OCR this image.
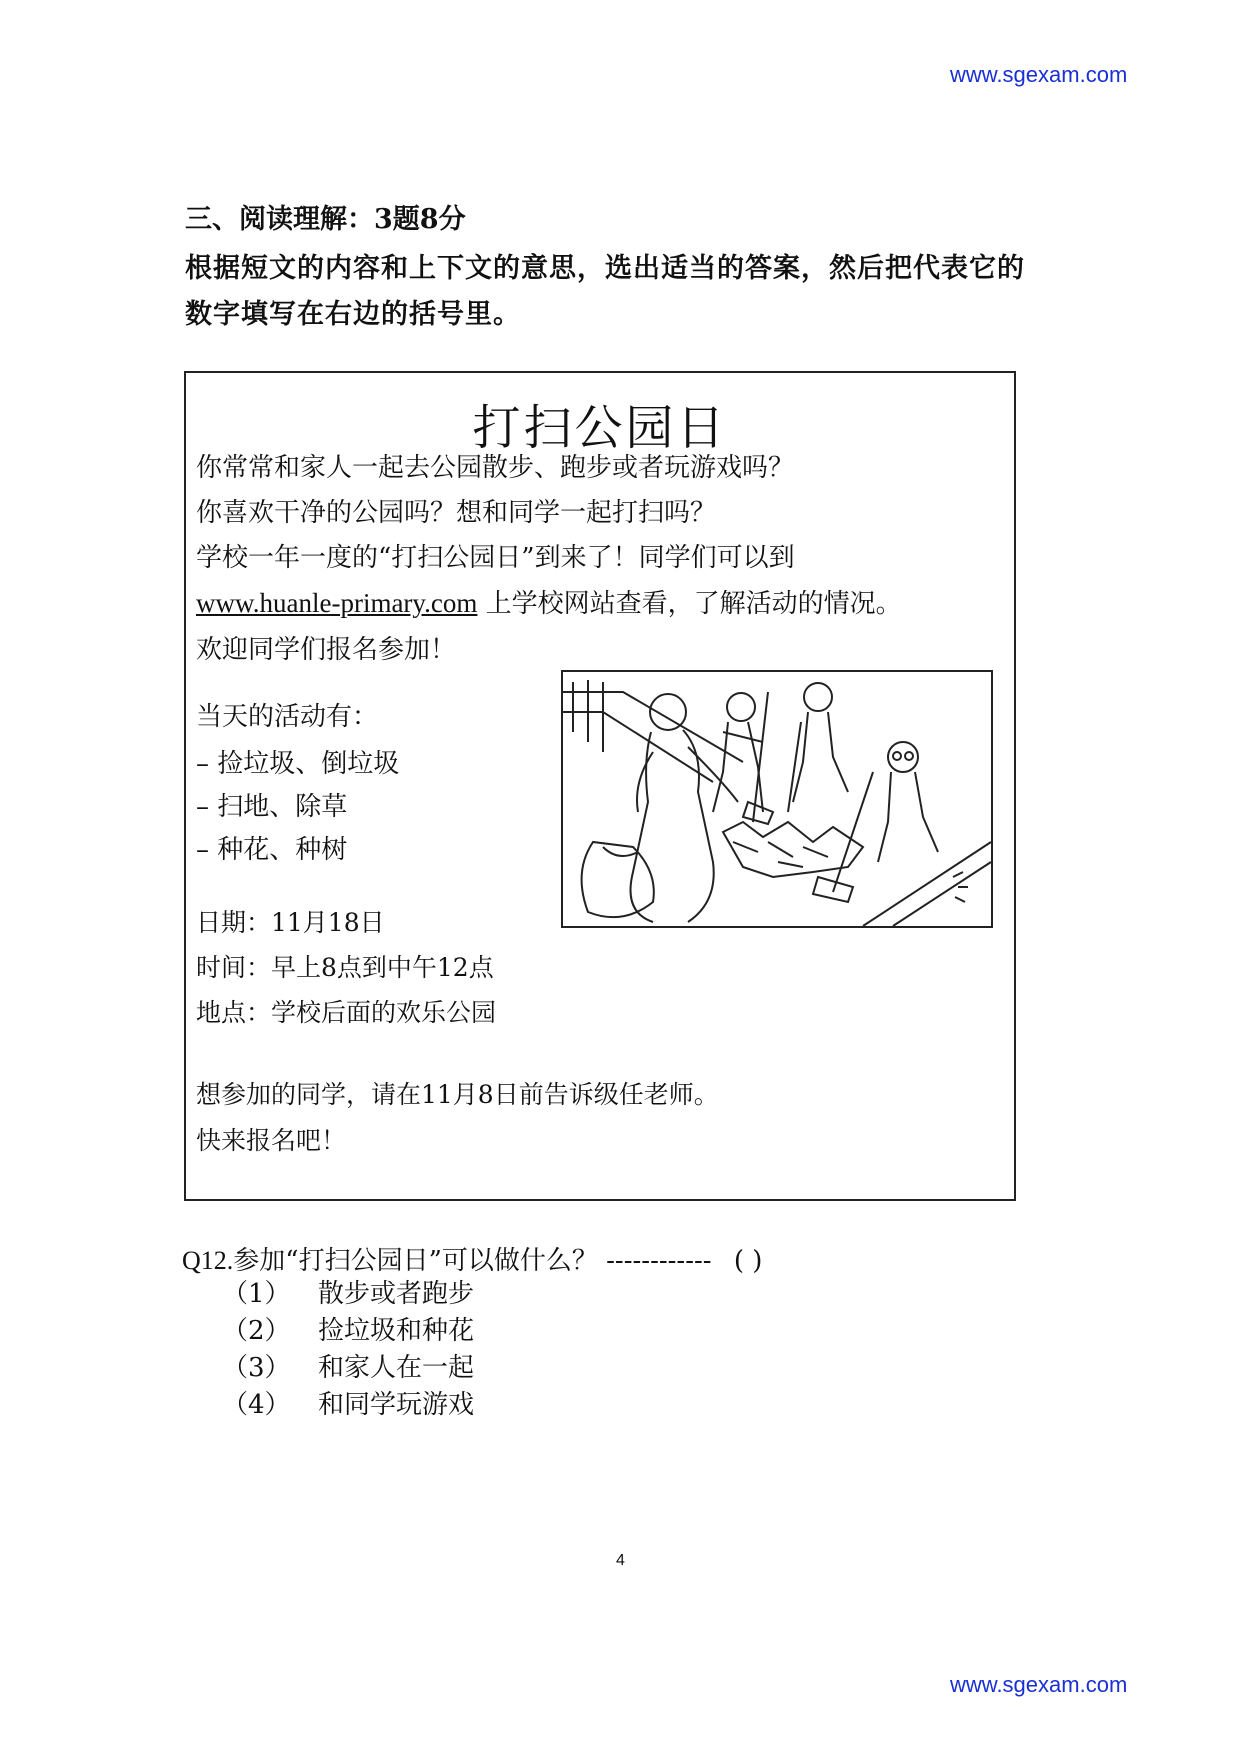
www.sgexam.com
三、阅读理解：3题8分
根据短文的内容和上下文的意思，选出适当的答案，然后把代表它的
数字填写在右边的括号里。
打扫公园日
你常常和家人一起去公园散步、跑步或者玩游戏吗？
你喜欢干净的公园吗？想和同学一起打扫吗？
学校一年一度的“打扫公园日”到来了！同学们可以到
www.huanle-primary.com 上学校网站查看，了解活动的情况。
欢迎同学们报名参加！
当天的活动有：
– 捡垃圾、倒垃圾
– 扫地、除草
– 种花、种树
日期：11月18日
时间：早上8点到中午12点
地点：学校后面的欢乐公园
想参加的同学，请在11月8日前告诉级任老师。
快来报名吧！
Q12.参加“打扫公园日”可以做什么？ ------------ ( )
（1） 散步或者跑步
（2） 捡垃圾和种花
（3） 和家人在一起
（4） 和同学玩游戏
4
www.sgexam.com
